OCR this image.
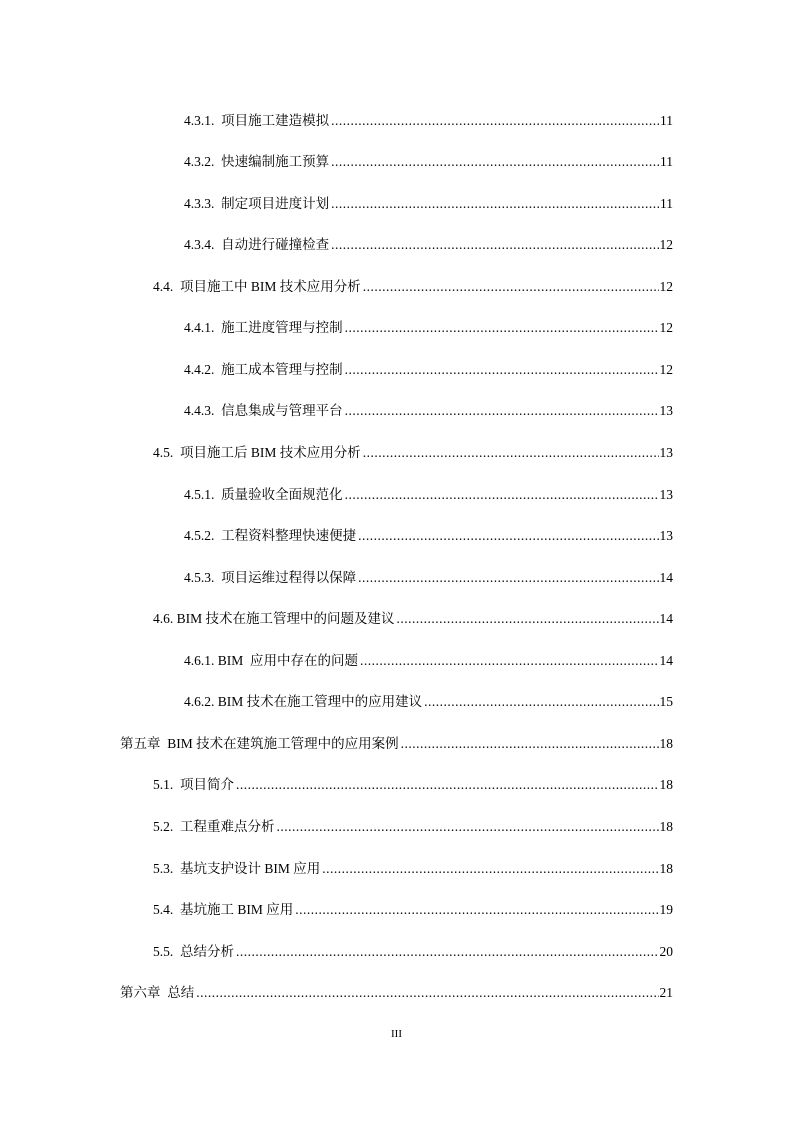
4.3.1.  项目施工建造模拟 .....	11
4.3.2.  快速编制施工预算 .....	11
4.3.3.  制定项目进度计划 .....	11
4.3.4.  自动进行碰撞检查 .....	12
4.4.  项目施工中 BIM 技术应用分析 .....	12
4.4.1.  施工进度管理与控制 .....	12
4.4.2.  施工成本管理与控制 .....	12
4.4.3.  信息集成与管理平台 .....	13
4.5.  项目施工后 BIM 技术应用分析 .....	13
4.5.1.  质量验收全面规范化 .....	13
4.5.2.  工程资料整理快速便捷 .....	13
4.5.3.  项目运维过程得以保障 .....	14
4.6. BIM 技术在施工管理中的问题及建议 .....	14
4.6.1. BIM  应用中存在的问题 .....	14
4.6.2. BIM 技术在施工管理中的应用建议 .....	15
第五章  BIM 技术在建筑施工管理中的应用案例 .....	18
5.1.  项目简介 .....	18
5.2.  工程重难点分析 .....	18
5.3.  基坑支护设计 BIM 应用 .....	18
5.4.  基坑施工 BIM 应用 .....	19
5.5.  总结分析 .....	20
第六章  总结 .....	21
III
